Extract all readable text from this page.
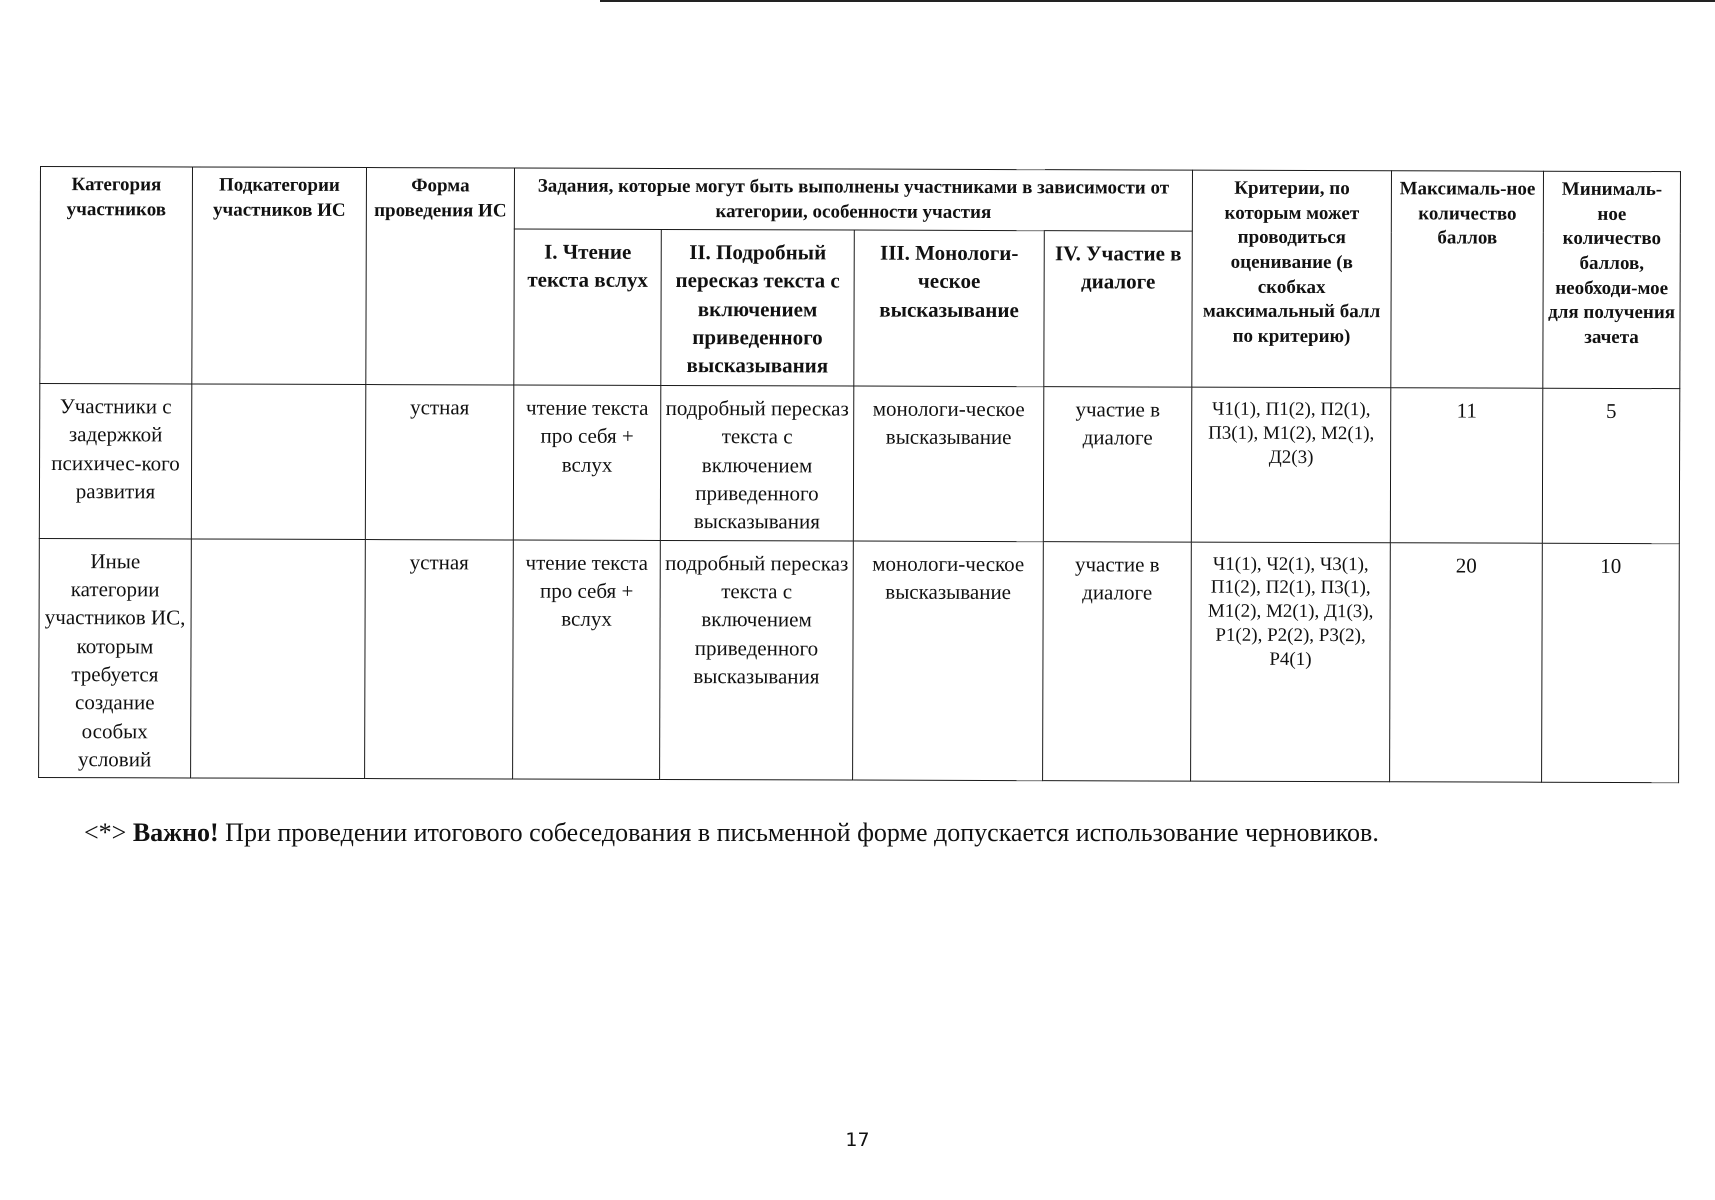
Категория участников	Подкатегории участников ИС	Форма проведения ИС	Задания, которые могут быть выполнены участниками в зависимости от категории, особенности участия				Критерии, по которым может проводиться оценивание (в скобках максимальный балл по критерию)	Максималь-ное количество баллов	Минималь-ное количество баллов, необходи-мое для получения зачета
			I. Чтение текста вслух	II. Подробный пересказ текста с включением приведенного высказывания	III. Монологи-ческое высказывание	IV. Участие в диалоге			
Участники с задержкой психичес-кого развития		устная	чтение текста про себя + вслух	подробный пересказ текста с включением приведенного высказывания	монологи-ческое высказывание	участие в диалоге	Ч1(1), П1(2), П2(1), П3(1), М1(2), М2(1), Д2(3)	11	5
Иные категории участников ИС, которым требуется создание особых условий		устная	чтение текста про себя + вслух	подробный пересказ текста с включением приведенного высказывания	монологи-ческое высказывание	участие в диалоге	Ч1(1), Ч2(1), Ч3(1), П1(2), П2(1), П3(1), М1(2), М2(1), Д1(3), Р1(2), Р2(2), Р3(2), Р4(1)	20	10
<*> Важно! При проведении итогового собеседования в письменной форме допускается использование черновиков.
17
